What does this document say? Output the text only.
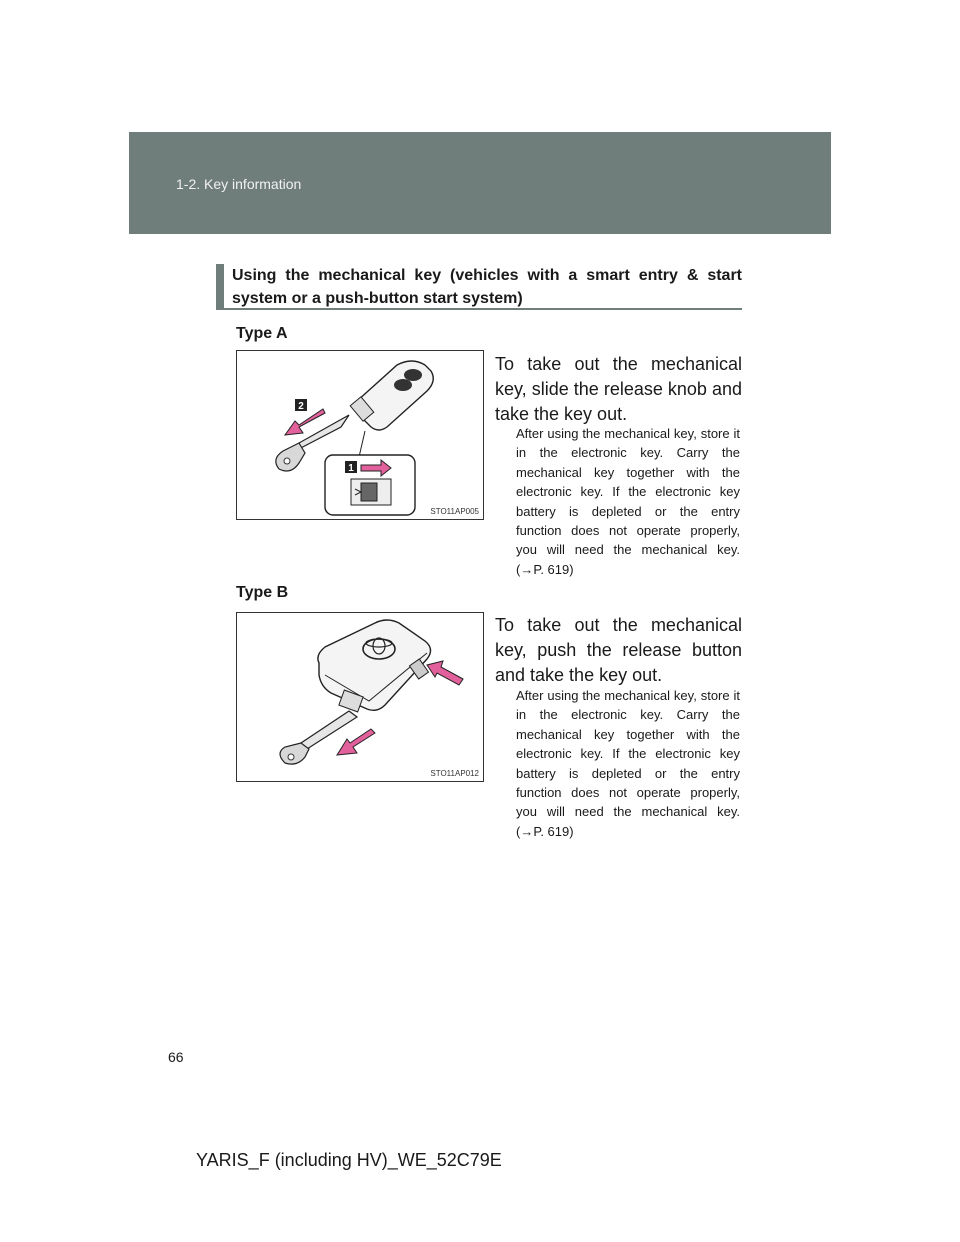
1-2. Key information
Using the mechanical key (vehicles with a smart entry & start system or a push-button start system)
Type A
2
1
STO11AP005
To take out the mechanical key, slide the release knob and take the key out.
After using the mechanical key, store it in the electronic key. Carry the mechanical key together with the electronic key. If the electronic key battery is depleted or the entry function does not operate properly, you will need the mechanical key. (→P. 619)
Type B
STO11AP012
To take out the mechanical key, push the release button and take the key out.
After using the mechanical key, store it in the electronic key. Carry the mechanical key together with the electronic key. If the electronic key battery is depleted or the entry function does not operate properly, you will need the mechanical key. (→P. 619)
66
YARIS_F (including HV)_WE_52C79E
